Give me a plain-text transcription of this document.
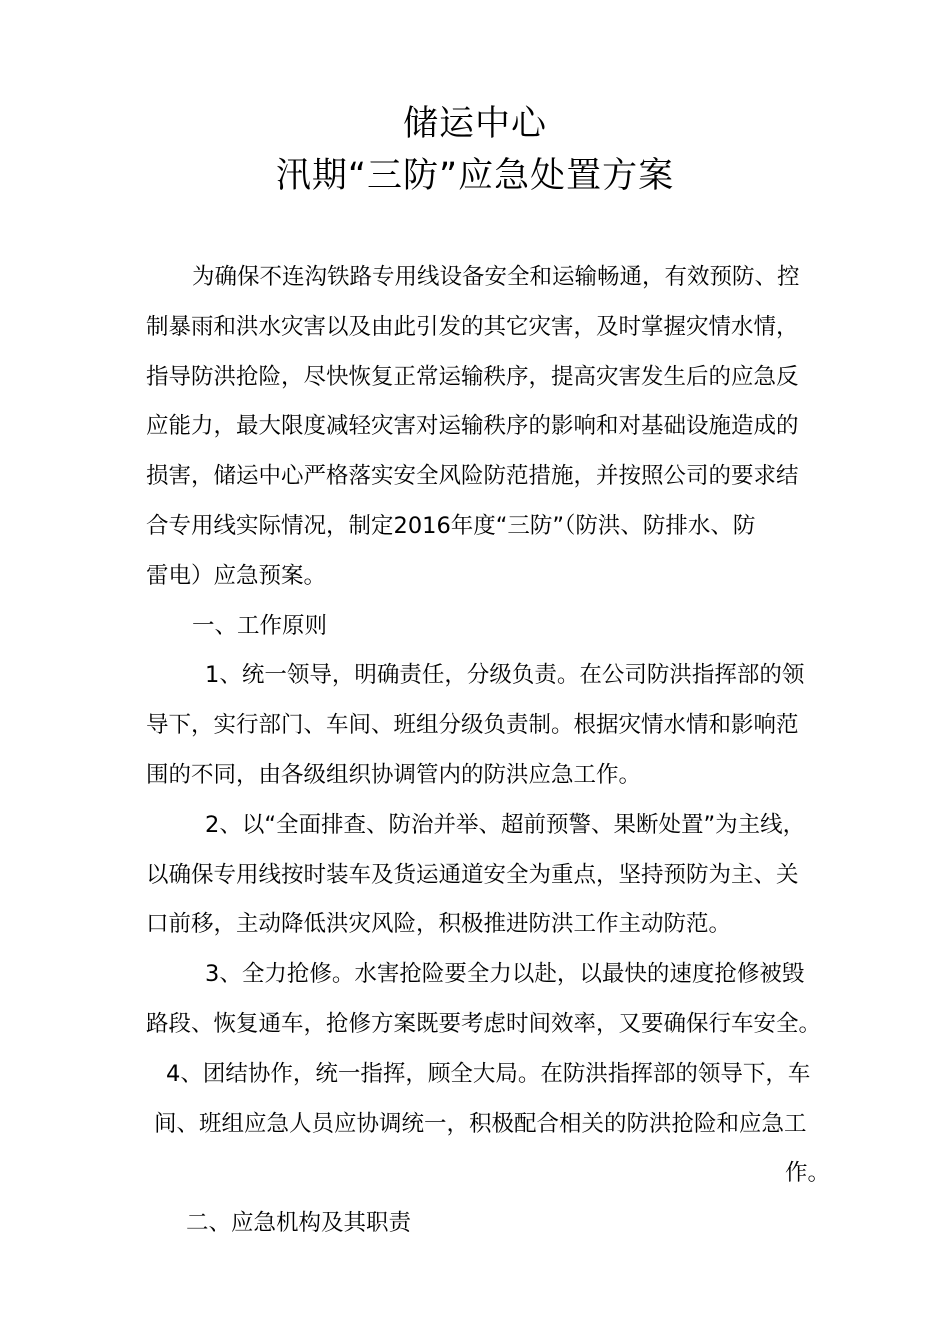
储运中心
汛期“三防”应急处置方案
为确保不连沟铁路专用线设备安全和运输畅通，有效预防、控
制暴雨和洪水灾害以及由此引发的其它灾害，及时掌握灾情水情，
指导防洪抢险，尽快恢复正常运输秩序，提高灾害发生后的应急反
应能力，最大限度减轻灾害对运输秩序的影响和对基础设施造成的
损害，储运中心严格落实安全风险防范措施，并按照公司的要求结
合专用线实际情况，制定2016年度“三防”（防洪、防排水、防
雷电）应急预案。
一、工作原则
1、统一领导，明确责任，分级负责。在公司防洪指挥部的领
导下，实行部门、车间、班组分级负责制。根据灾情水情和影响范
围的不同，由各级组织协调管内的防洪应急工作。
2、以“全面排查、防治并举、超前预警、果断处置”为主线，
以确保专用线按时装车及货运通道安全为重点，坚持预防为主、关
口前移，主动降低洪灾风险，积极推进防洪工作主动防范。
3、全力抢修。水害抢险要全力以赴，以最快的速度抢修被毁
路段、恢复通车，抢修方案既要考虑时间效率，又要确保行车安全。
4、团结协作，统一指挥，顾全大局。在防洪指挥部的领导下，车
间、班组应急人员应协调统一，积极配合相关的防洪抢险和应急工
作。
二、应急机构及其职责
